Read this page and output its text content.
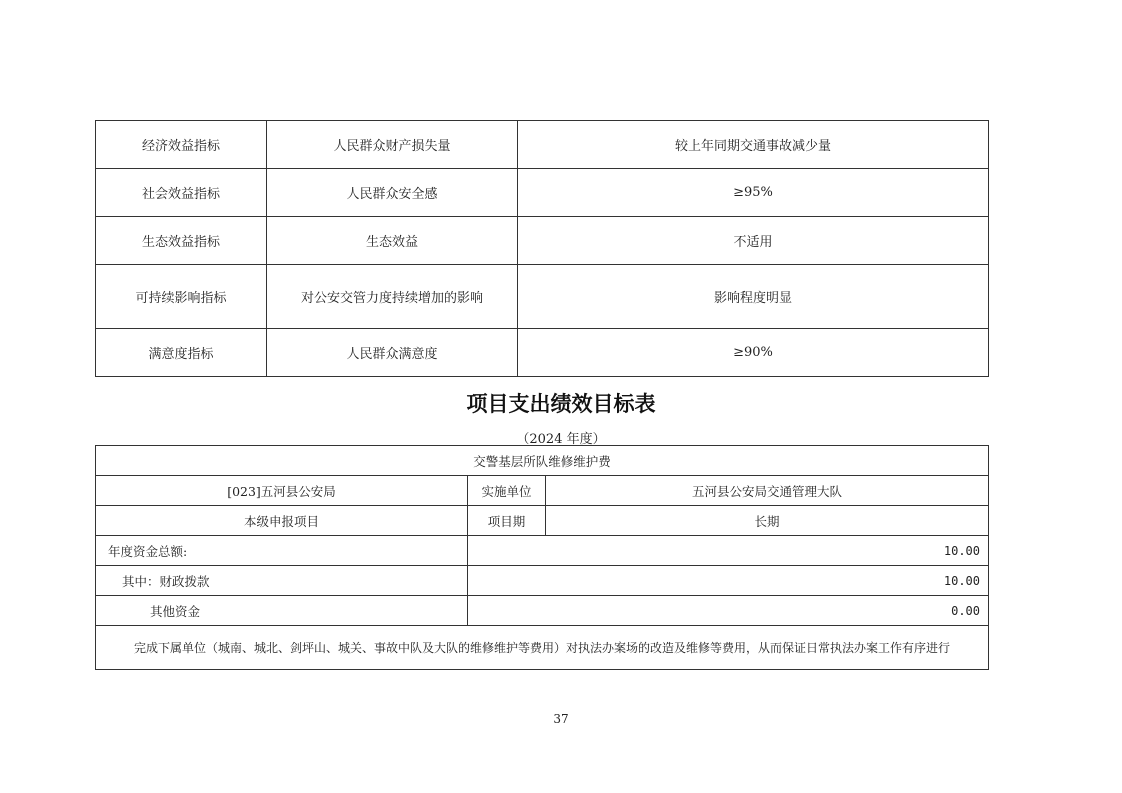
经济效益指标	人民群众财产损失量	较上年同期交通事故减少量
社会效益指标	人民群众安全感	≥95%
生态效益指标	生态效益	不适用
可持续影响指标	对公安交管力度持续增加的影响	影响程度明显
满意度指标	人民群众满意度	≥90%
项目支出绩效目标表
（2024 年度）
交警基层所队维修维护费		
[023]五河县公安局	实施单位	五河县公安局交通管理大队
本级申报项目	项目期	长期
年度资金总额:	10.00	
其中：财政拨款	10.00	
其他资金	0.00	
完成下属单位（城南、城北、剑坪山、城关、事故中队及大队的维修维护等费用）对执法办案场的改造及维修等费用，从而保证日常执法办案工作有序进行		
37
